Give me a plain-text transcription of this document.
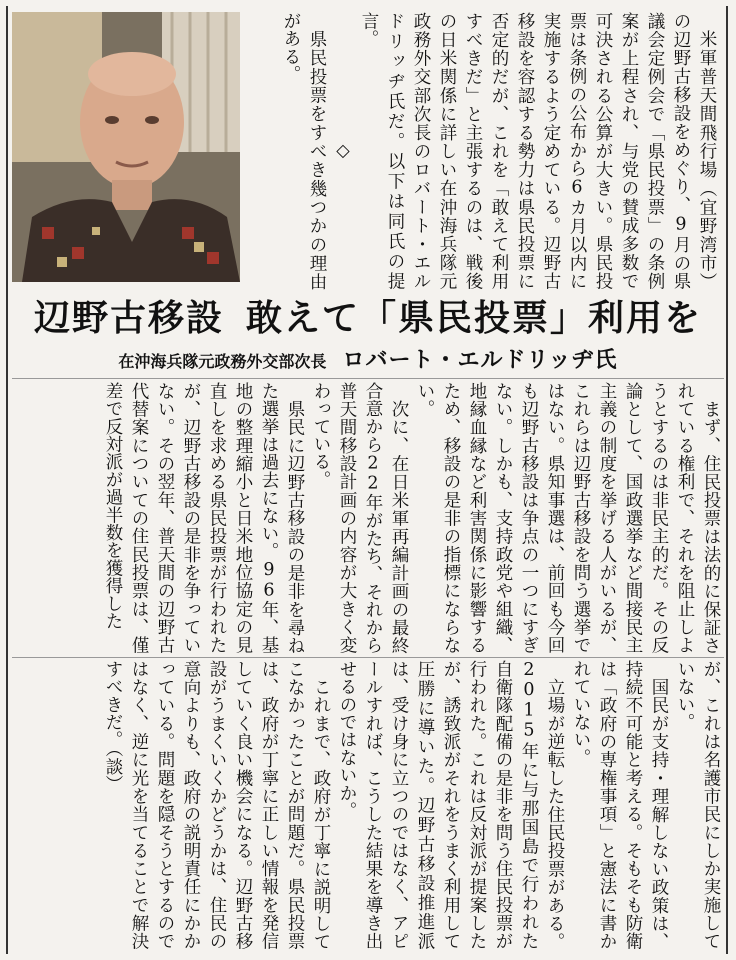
米軍普天間飛行場（宜野湾市）の辺野古移設をめぐり、9月の県議会定例会で「県民投票」の条例案が上程され、与党の賛成多数で可決される公算が大きい。県民投票は条例の公布から6カ月以内に実施するよう定めている。辺野古移設を容認する勢力は県民投票に否定的だが、これを「敢えて利用すべきだ」と主張するのは、戦後の日米関係に詳しい在沖海兵隊元政務外交部次長のロバート・エルドリッヂ氏だ。以下は同氏の提言。

◇

県民投票をすべき幾つかの理由がある。

辺野古移設 敢えて「県民投票」利用を
在沖海兵隊元政務外交部次長 ロバート・エルドリッヂ氏

まず、住民投票は法的に保証されている権利で、それを阻止しようとするのは非民主的だ。その反論として、国政選挙など間接民主主義の制度を挙げる人がいるが、これらは辺野古移設を問う選挙ではない。県知事選は、前回も今回も辺野古移設は争点の一つにすぎない。しかも、支持政党や組織、地縁血縁など利害関係に影響するため、移設の是非の指標にならない。

次に、在日米軍再編計画の最終合意から22年がたち、それから普天間移設計画の内容が大きく変わっている。

県民に辺野古移設の是非を尋ねた選挙は過去にない。96年、基地の整理縮小と日米地位協定の見直しを求める県民投票が行われたが、辺野古移設の是非を争っていない。その翌年、普天間の辺野古代替案についての住民投票は、僅差で反対派が過半数を獲得した

が、これは名護市民にしか実施していない。

国民が支持・理解しない政策は、持続不可能と考える。そもそも防衛は「政府の専権事項」と憲法に書かれていない。

立場が逆転した住民投票がある。2015年に与那国島で行われた自衛隊配備の是非を問う住民投票が行われた。これは反対派が提案したが、誘致派がそれをうまく利用して圧勝に導いた。辺野古移設推進派は、受け身に立つのではなく、アピールすれば、こうした結果を導き出せるのではないか。

これまで、政府が丁寧に説明してこなかったことが問題だ。県民投票は、政府が丁寧に正しい情報を発信していく良い機会になる。辺野古移設がうまくいくかどうかは、住民の意向よりも、政府の説明責任にかかっている。問題を隠そうとするのではなく、逆に光を当てることで解決すべきだ。（談）
